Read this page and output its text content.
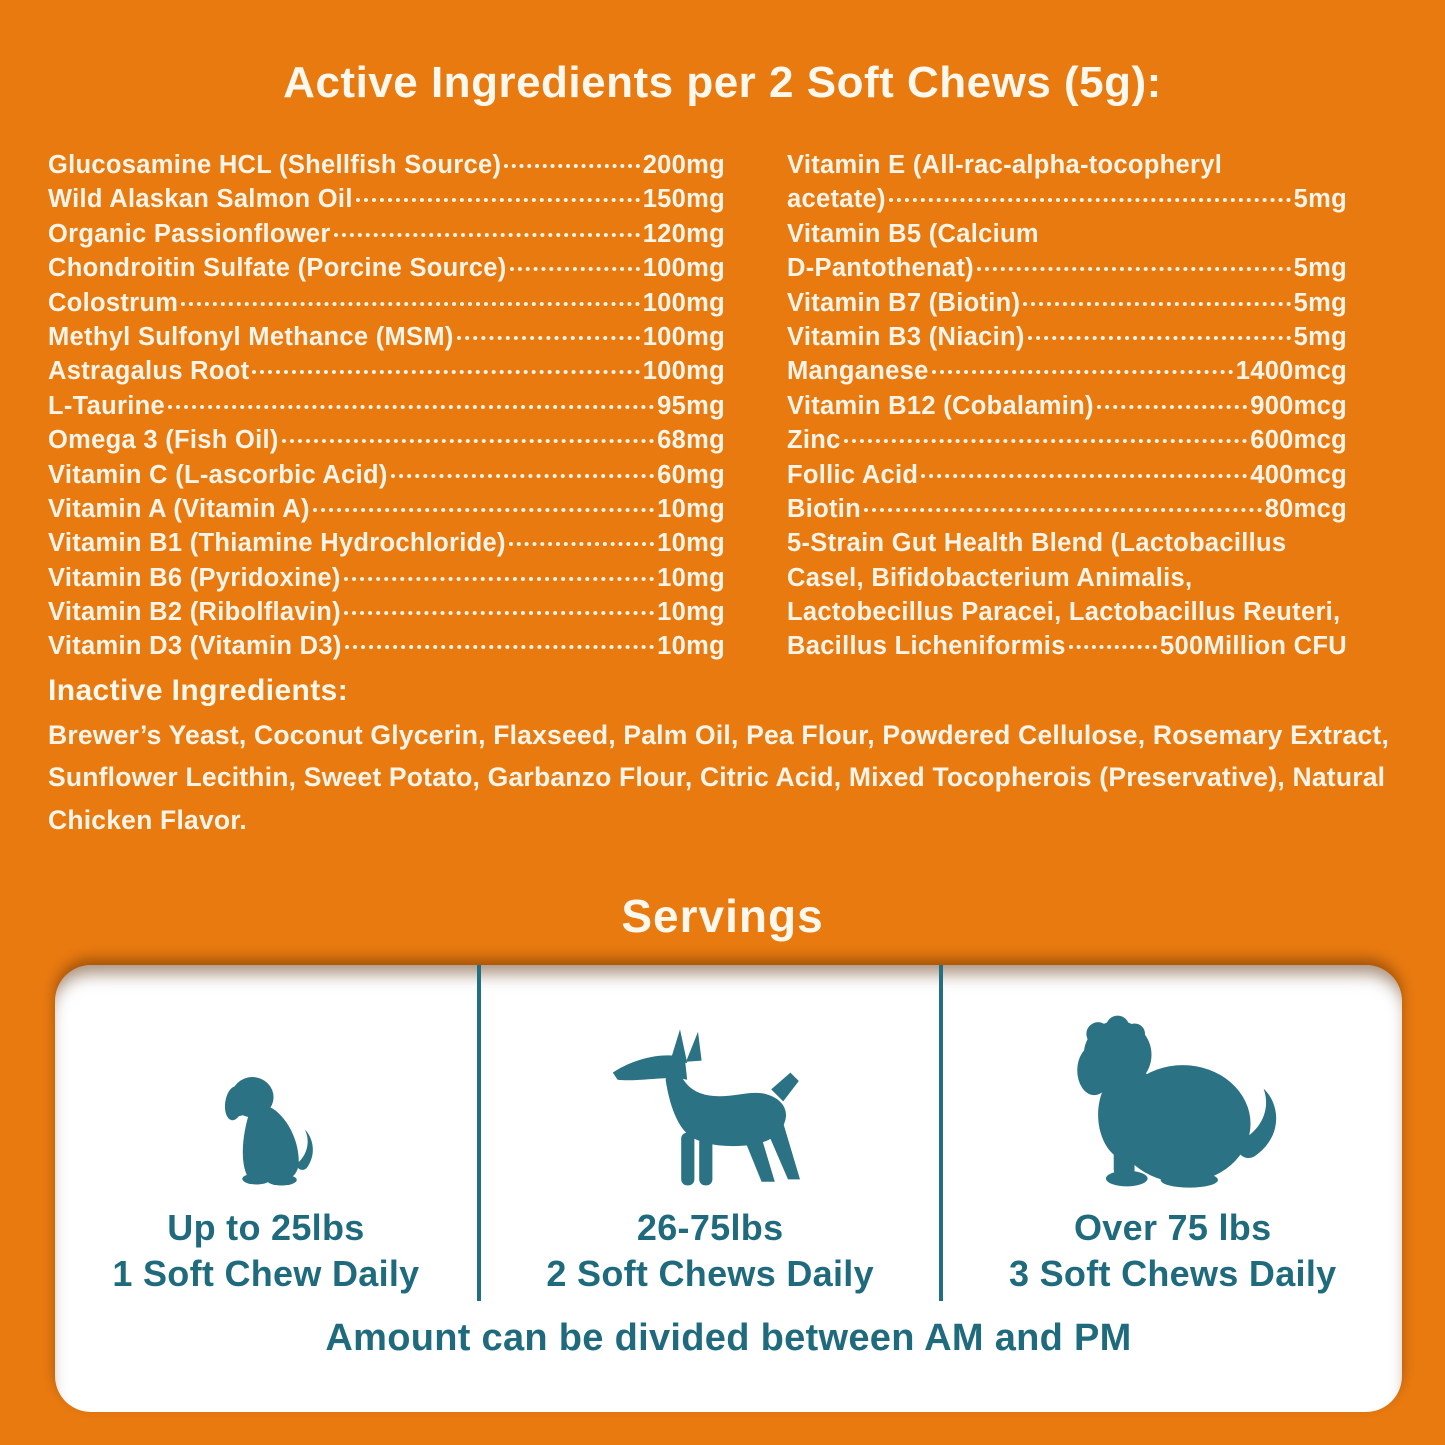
Active Ingredients per 2 Soft Chews (5g):
Glucosamine HCL (Shellfish Source)	200mg
Wild Alaskan Salmon Oil	150mg
Organic Passionflower	120mg
Chondroitin Sulfate (Porcine Source)	100mg
Colostrum	100mg
Methyl Sulfonyl Methance (MSM)	100mg
Astragalus Root	100mg
L-Taurine	95mg
Omega 3 (Fish Oil)	68mg
Vitamin C (L-ascorbic Acid)	60mg
Vitamin A (Vitamin A)	10mg
Vitamin B1 (Thiamine Hydrochloride)	10mg
Vitamin B6 (Pyridoxine)	10mg
Vitamin B2 (Ribolflavin)	10mg
Vitamin D3 (Vitamin D3)	10mg
Vitamin E (All-rac-alpha-tocopheryl
acetate)	5mg
Vitamin B5 (Calcium
D-Pantothenat)	5mg
Vitamin B7 (Biotin)	5mg
Vitamin B3 (Niacin)	5mg
Manganese	1400mcg
Vitamin B12 (Cobalamin)	900mcg
Zinc	600mcg
Follic Acid	400mcg
Biotin	80mcg
5-Strain Gut Health Blend (Lactobacillus
Casel, Bifidobacterium Animalis,
Lactobecillus Paracei, Lactobacillus Reuteri,
Bacillus Licheniformis	500Million CFU
Inactive Ingredients:

Brewer’s Yeast, Coconut Glycerin, Flaxseed, Palm Oil, Pea Flour, Powdered Cellulose, Rosemary Extract, Sunflower Lecithin, Sweet Potato, Garbanzo Flour, Citric Acid, Mixed Tocopherois (Preservative), Natural Chicken Flavor.

Servings
Up to 25lbs
1 Soft Chew Daily
26-75lbs
2 Soft Chews Daily
Over 75 lbs
3 Soft Chews Daily
Amount can be divided between AM and PM
